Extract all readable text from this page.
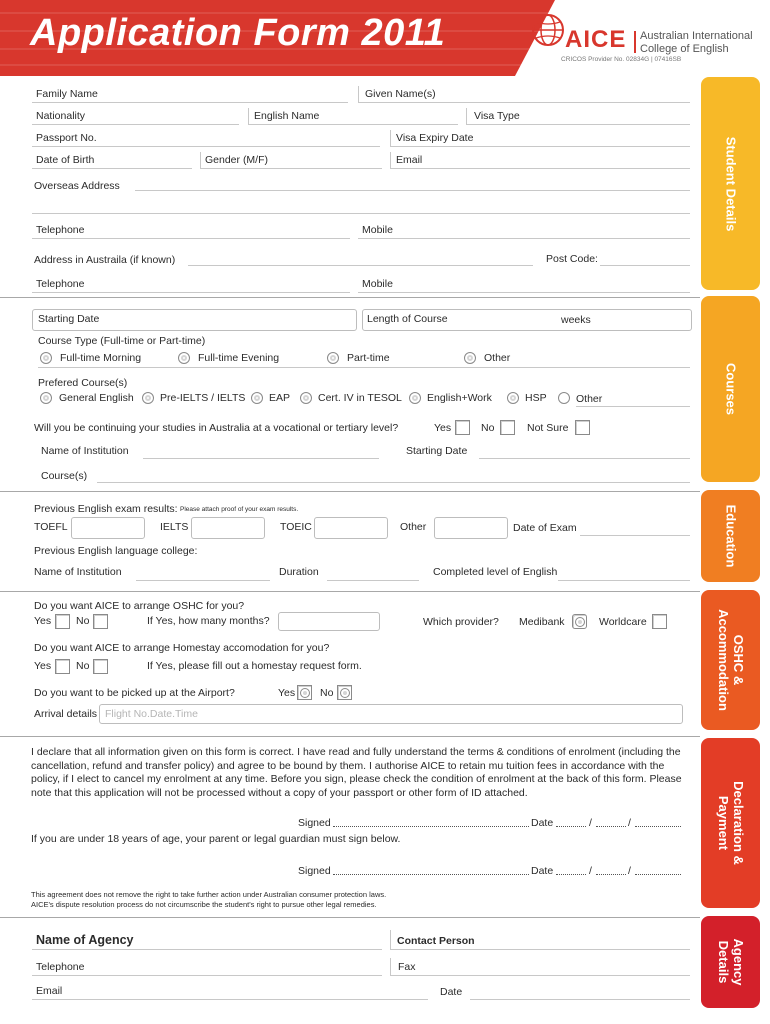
Application Form 2011	AICE Australian International
College of English
CRICOS Provider No. 02834G | 07416SB
Student Details
Courses
Education
OSHC &
Accommodation
Declaration &
Payment
Agency
Details
Family Name	Given Name(s)
Nationality	English Name	Visa Type
Passport No.	Visa Expiry Date
Date of Birth	Gender (M/F)	Email
Overseas Address
Telephone	Mobile
Address in Austraila (if known)	Post Code:
Telephone	Mobile
Starting Date	Length of Course	weeks
Course Type (Full-time or Part-time)
Full-time Morning	Full-time Evening	Part-time	Other
Prefered Course(s)
General English	Pre-IELTS / IELTS EAP	Cert. IV in TESOL English+Work	HSP	Other
Will you be continuing your studies in Australia at a vocational or tertiary level?	Yes	No	Not Sure
Name of Institution	Starting Date
Course(s)
Previous English exam results: Please attach proof of your exam results.
TOEFL	IELTS	TOEIC	Other	Date of Exam
Previous English language college:
Name of Institution	Duration	Completed level of English
Do you want AICE to arrange OSHC for you?
Yes No	If Yes, how many months?	Which provider? Medibank	Worldcare
Do you want AICE to arrange Homestay accomodation for you?
Yes No	If Yes, please fill out a homestay request form.
Do you want to be picked up at the Airport?	Yes No
Arrival details Flight No.Date.Time
I declare that all information given on this form is correct. I have read and fully understand the terms & conditions of enrolment (including the cancellation, refund and transfer policy) and agree to be bound by them. I authorise AICE to retain mu tuition fees in accordance with the policy, if I elect to cancel my enrolment at any time. Before you sign, please check the condition of enrolment at the back of this form. Please note that this application will not be processed without a copy of your passport or other form of ID attached.
Signed	Date	/	/
If you are under 18 years of age, your parent or legal guardian must sign below.
Signed	Date	/	/
This agreement does not remove the right to take further action under Australian consumer protection laws.
AICE's dispute resolution process do not circumscribe the student's right to pursue other legal remedies.
Name of Agency	Contact Person
Telephone	Fax
Email	Date
